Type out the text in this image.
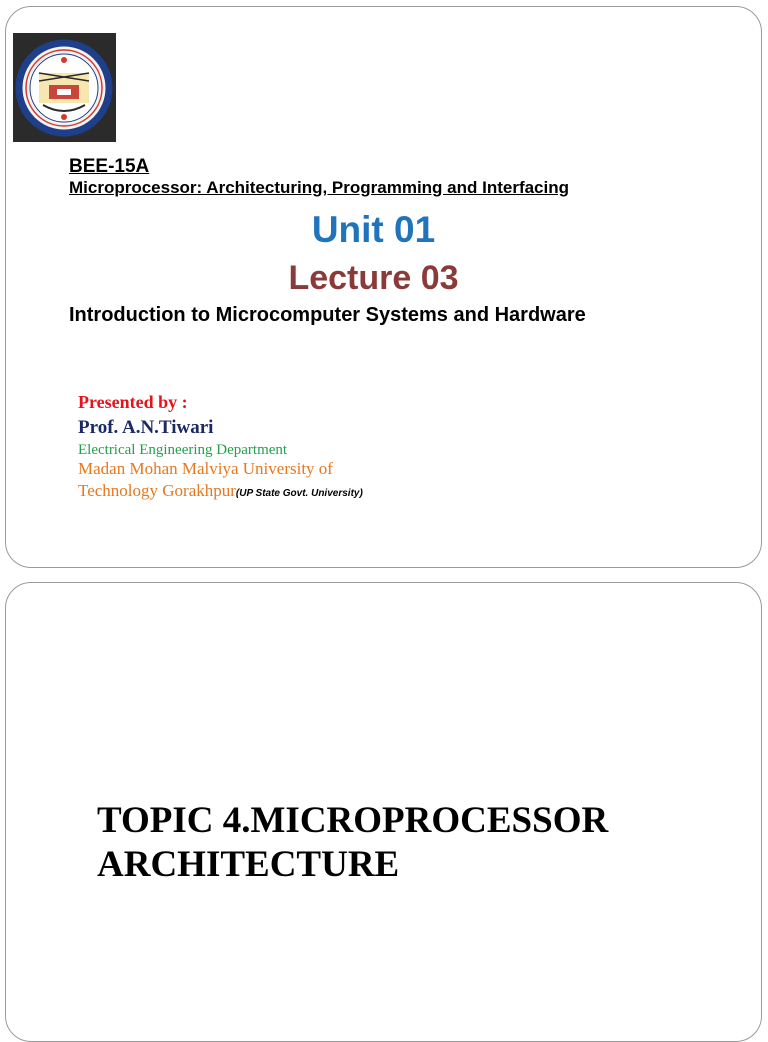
BEE-15A
Microprocessor: Architecturing, Programming and Interfacing
Unit 01
Lecture 03
Introduction to Microcomputer Systems and Hardware
Presented by :
Prof. A.N.Tiwari
Electrical Engineering Department
Madan Mohan Malviya University of
Technology Gorakhpur(UP State Govt. University)
TOPIC 4.MICROPROCESSOR
ARCHITECTURE
